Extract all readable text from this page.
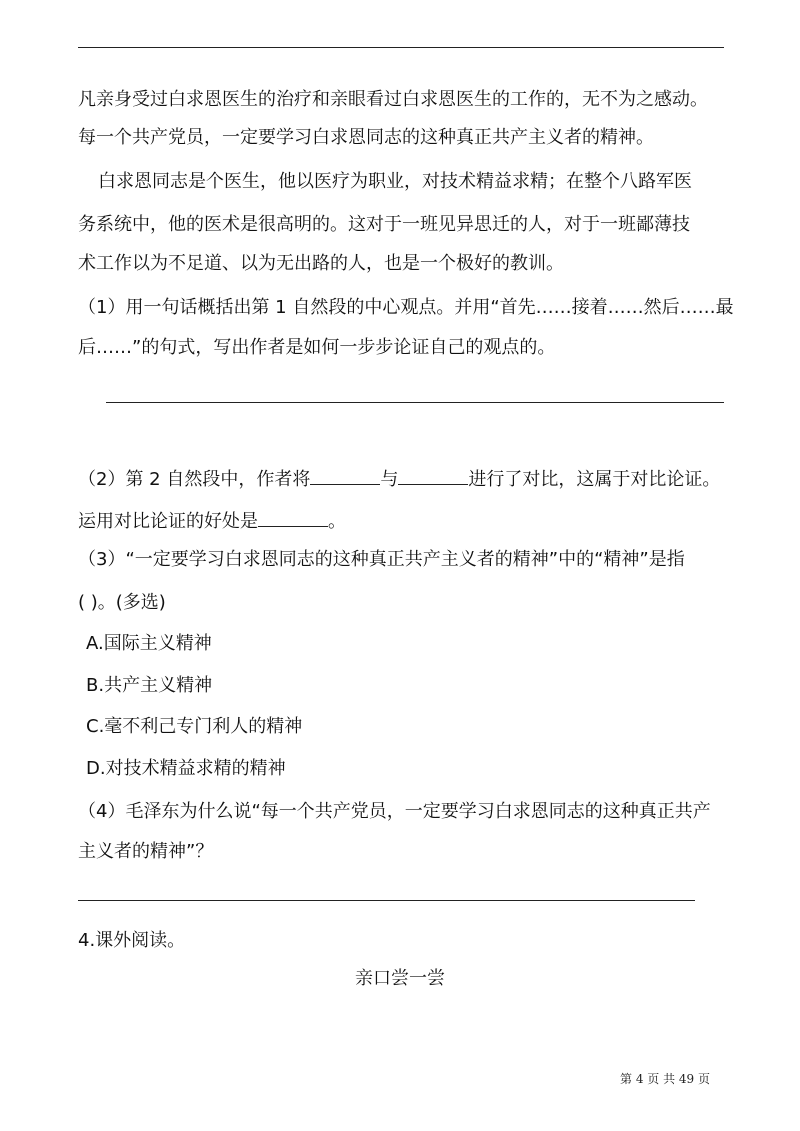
凡亲身受过白求恩医生的治疗和亲眼看过白求恩医生的工作的，无不为之感动。
每一个共产党员，一定要学习白求恩同志的这种真正共产主义者的精神。
白求恩同志是个医生，他以医疗为职业，对技术精益求精；在整个八路军医
务系统中，他的医术是很高明的。这对于一班见异思迁的人，对于一班鄙薄技
术工作以为不足道、以为无出路的人，也是一个极好的教训。
（1）用一句话概括出第 1 自然段的中心观点。并用“首先……接着……然后……最
后……”的句式，写出作者是如何一步步论证自己的观点的。
（2）第 2 自然段中，作者将	与	进行了对比，这属于对比论证。
运用对比论证的好处是	。
（3）“一定要学习白求恩同志的这种真正共产主义者的精神”中的“精神”是指
( )。(多选)
A.国际主义精神
B.共产主义精神
C.毫不利己专门利人的精神
D.对技术精益求精的精神
（4）毛泽东为什么说“每一个共产党员，一定要学习白求恩同志的这种真正共产
主义者的精神”？
4.课外阅读。
亲口尝一尝
第 4 页 共 49 页
